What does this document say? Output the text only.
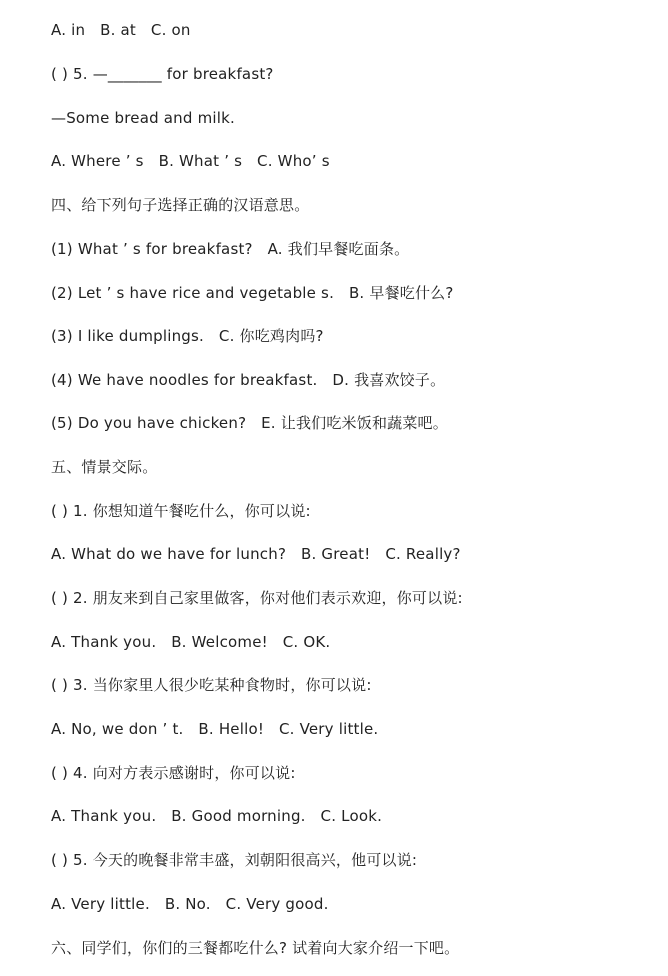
A. in   B. at   C. on
( ) 5. —_______ for breakfast?
—Some bread and milk.
A. Where ’ s   B. What ’ s   C. Who’ s
四、给下列句子选择正确的汉语意思。
(1) What ’ s for breakfast?   A. 我们早餐吃面条。
(2) Let ’ s have rice and vegetable s.   B. 早餐吃什么?
(3) I like dumplings.   C. 你吃鸡肉吗?
(4) We have noodles for breakfast.   D. 我喜欢饺子。
(5) Do you have chicken?   E. 让我们吃米饭和蔬菜吧。
五、情景交际。
( ) 1. 你想知道午餐吃什么，你可以说:
A. What do we have for lunch?   B. Great!   C. Really?
( ) 2. 朋友来到自己家里做客，你对他们表示欢迎，你可以说:
A. Thank you.   B. Welcome!   C. OK.
( ) 3. 当你家里人很少吃某种食物时，你可以说:
A. No, we don ’ t.   B. Hello!   C. Very little.
( ) 4. 向对方表示感谢时，你可以说:
A. Thank you.   B. Good morning.   C. Look.
( ) 5. 今天的晚餐非常丰盛，刘朝阳很高兴，他可以说:
A. Very little.   B. No.   C. Very good.
六、同学们，你们的三餐都吃什么? 试着向大家介绍一下吧。
